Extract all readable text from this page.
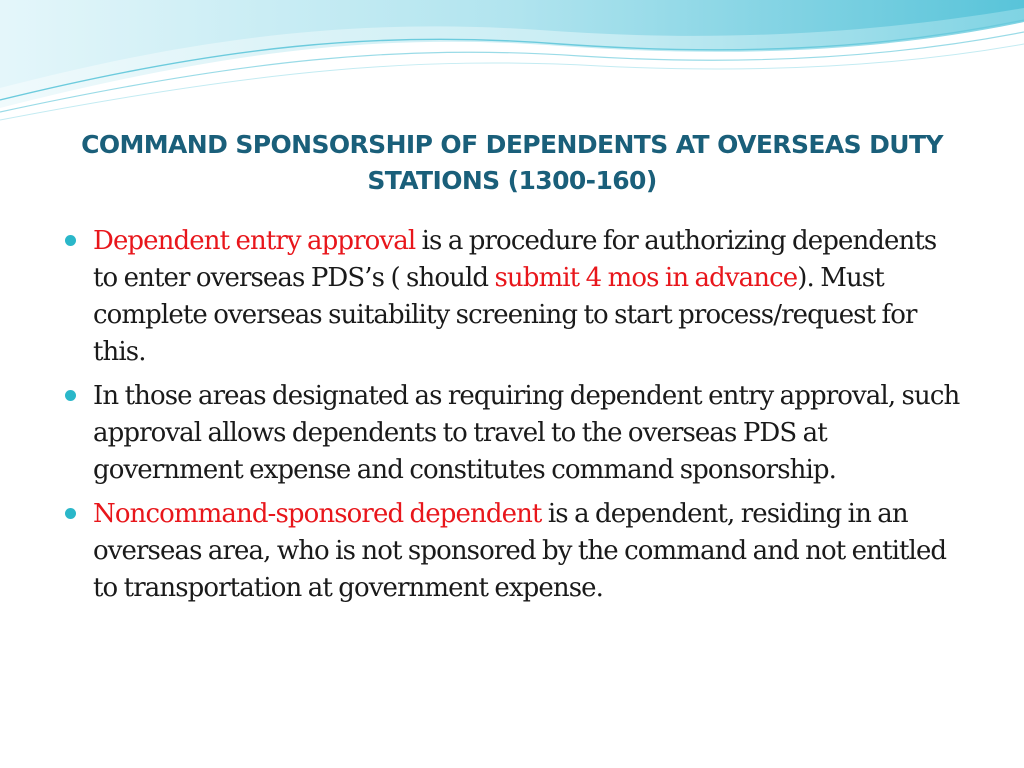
COMMAND SPONSORSHIP OF DEPENDENTS AT OVERSEAS DUTY STATIONS (1300-160)
Dependent entry approval is a procedure for authorizing dependents to enter overseas PDS’s ( should submit 4 mos in advance). Must complete overseas suitability screening to start process/request for this.
In those areas designated as requiring dependent entry approval, such approval allows dependents to travel to the overseas PDS at government expense and constitutes command sponsorship.
Noncommand-sponsored dependent is a dependent, residing in an overseas area, who is not sponsored by the command and not entitled to transportation at government expense.
